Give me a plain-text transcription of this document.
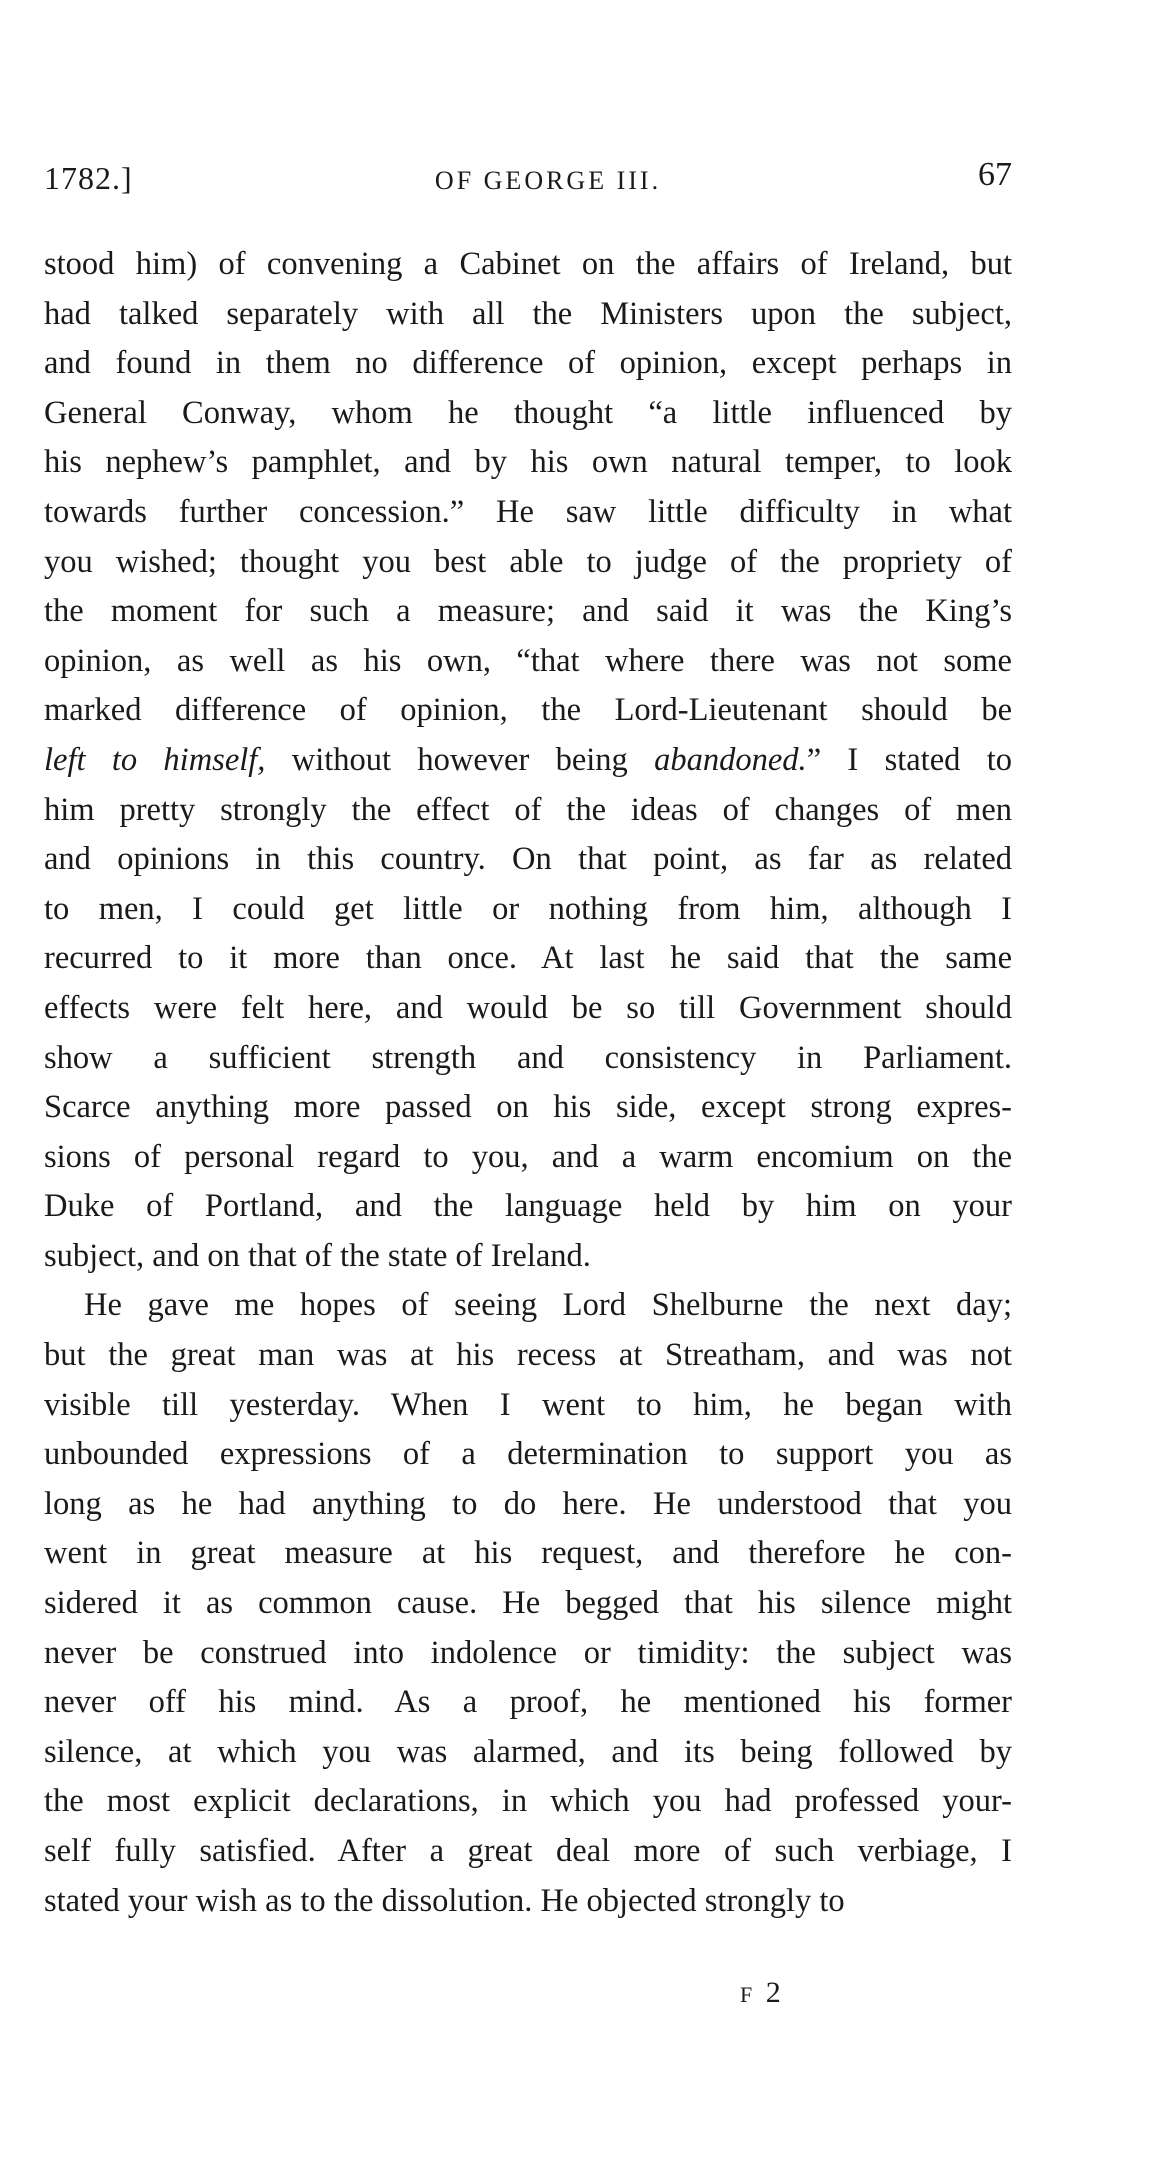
1782.]	OF GEORGE III.	67
stood him) of convening a Cabinet on the affairs of Ireland, but
had talked separately with all the Ministers upon the subject,
and found in them no difference of opinion, except perhaps in
General Conway, whom he thought “a little influenced by
his nephew’s pamphlet, and by his own natural temper, to look
towards further concession.” He saw little difficulty in what
you wished; thought you best able to judge of the propriety of
the moment for such a measure; and said it was the King’s
opinion, as well as his own, “that where there was not some
marked difference of opinion, the Lord-Lieutenant should be
left to himself, without however being abandoned.” I stated to
him pretty strongly the effect of the ideas of changes of men
and opinions in this country. On that point, as far as related
to men, I could get little or nothing from him, although I
recurred to it more than once. At last he said that the same
effects were felt here, and would be so till Government should
show a sufficient strength and consistency in Parliament.
Scarce anything more passed on his side, except strong expres-
sions of personal regard to you, and a warm encomium on the
Duke of Portland, and the language held by him on your
subject, and on that of the state of Ireland.
He gave me hopes of seeing Lord Shelburne the next day;
but the great man was at his recess at Streatham, and was not
visible till yesterday. When I went to him, he began with
unbounded expressions of a determination to support you as
long as he had anything to do here. He understood that you
went in great measure at his request, and therefore he con-
sidered it as common cause. He begged that his silence might
never be construed into indolence or timidity: the subject was
never off his mind. As a proof, he mentioned his former
silence, at which you was alarmed, and its being followed by
the most explicit declarations, in which you had professed your-
self fully satisfied. After a great deal more of such verbiage, I
stated your wish as to the dissolution. He objected strongly to
F 2
